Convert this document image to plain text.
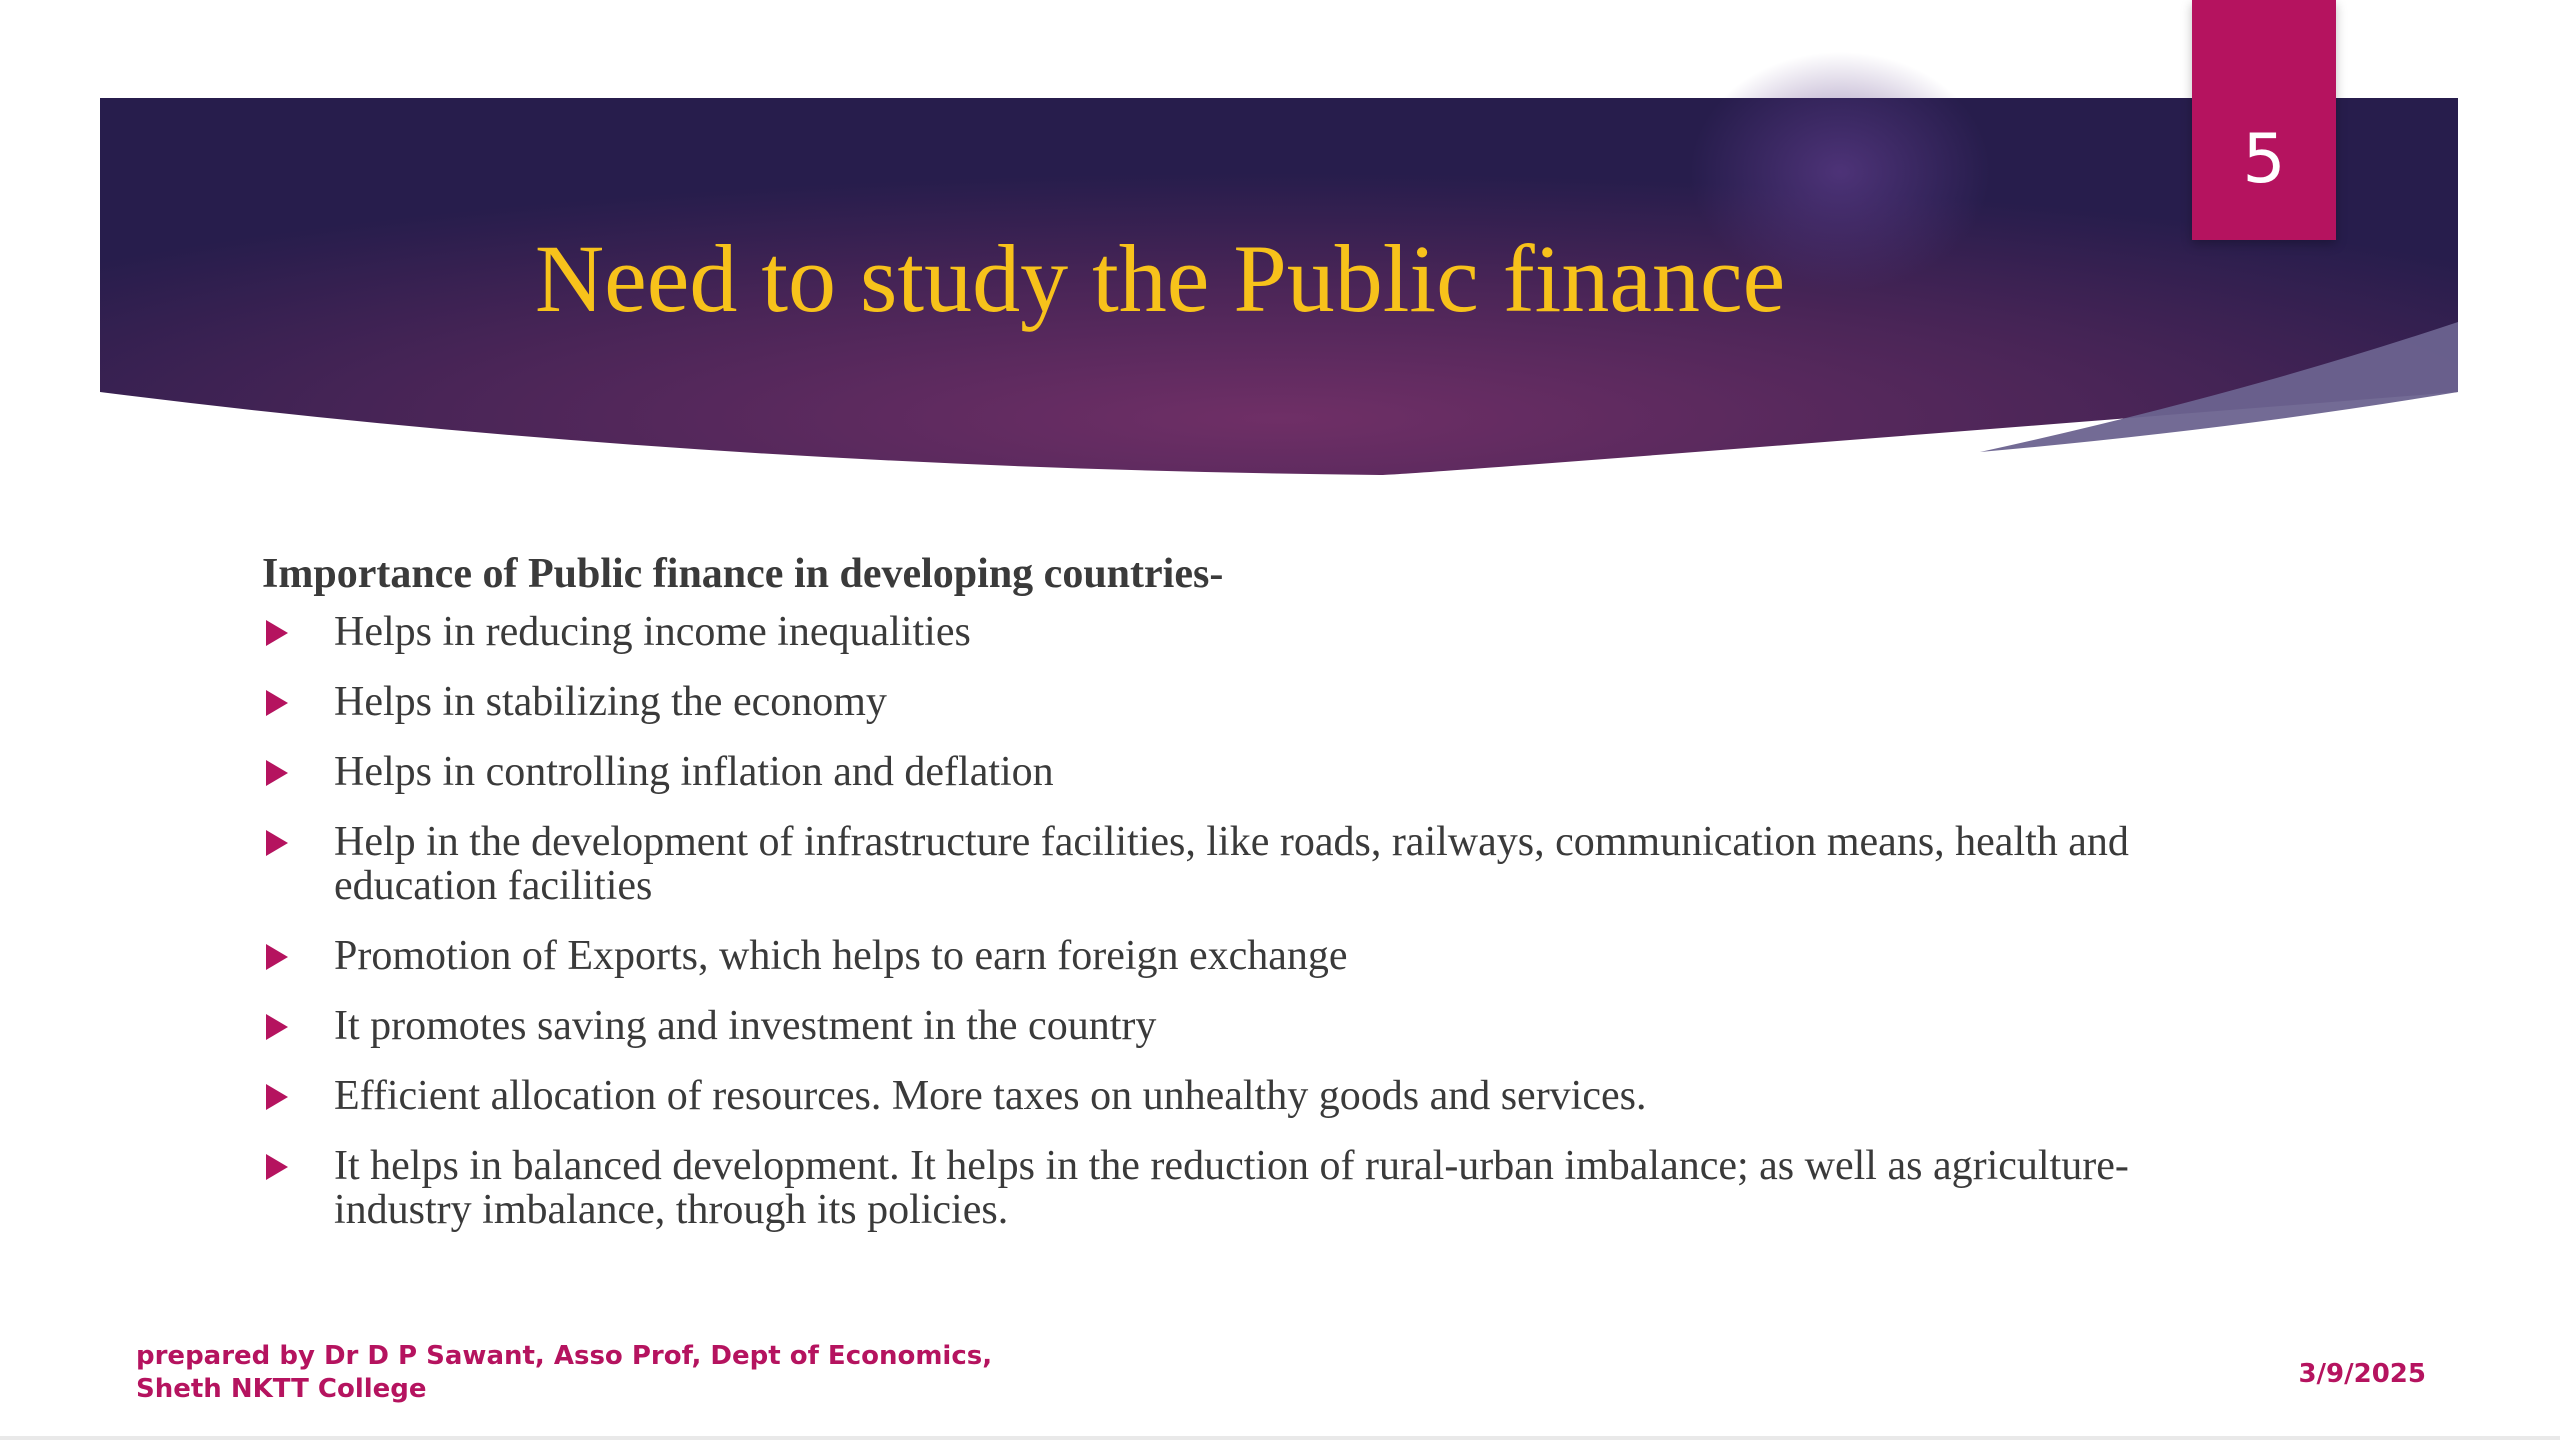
5
Need to study the Public finance
Importance of Public finance in developing countries-
Helps in reducing income inequalities
Helps in stabilizing the economy
Helps in controlling inflation and deflation
Help in the development of infrastructure facilities, like roads, railways, communication means, health and education facilities
Promotion of Exports, which helps to earn foreign exchange
It promotes saving and investment in the country
Efficient allocation of resources. More taxes on unhealthy goods and services.
It helps in balanced development. It helps in the reduction of rural-urban imbalance; as well as agriculture-industry imbalance, through its policies.
prepared by Dr D P Sawant, Asso Prof, Dept of Economics,
Sheth NKTT College	3/9/2025
